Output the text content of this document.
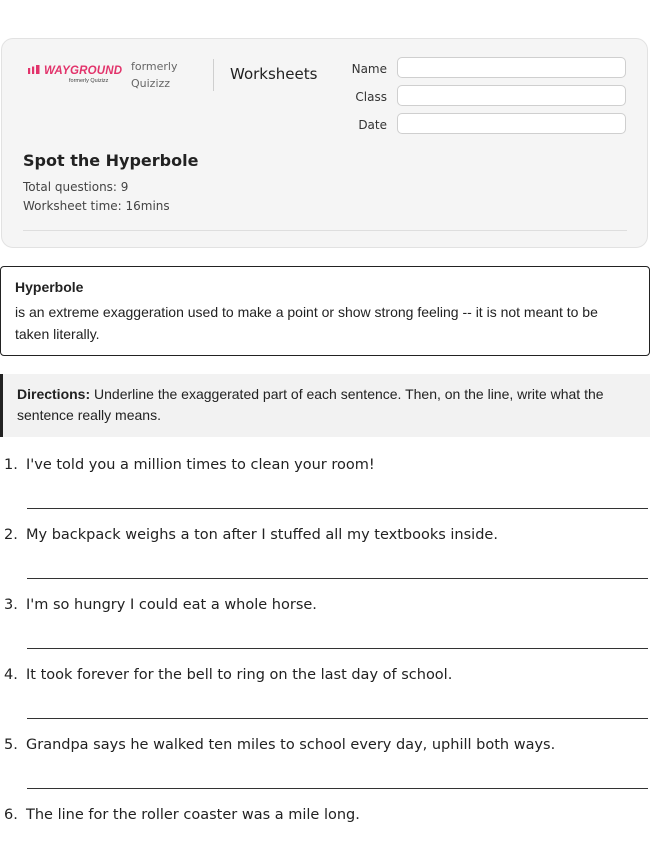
WAYGROUND
formerly Quizizz
formerly
Quizizz
Worksheets	Name
Class
Date
Spot the Hyperbole
Total questions: 9
Worksheet time: 16mins
Hyperbole
is an extreme exaggeration used to make a point or show strong feeling -- it is not meant to be taken literally.
Directions: Underline the exaggerated part of each sentence. Then, on the line, write what the sentence really means.
1. I've told you a million times to clean your room!
2. My backpack weighs a ton after I stuffed all my textbooks inside.
3. I'm so hungry I could eat a whole horse.
4. It took forever for the bell to ring on the last day of school.
5. Grandpa says he walked ten miles to school every day, uphill both ways.
6. The line for the roller coaster was a mile long.
